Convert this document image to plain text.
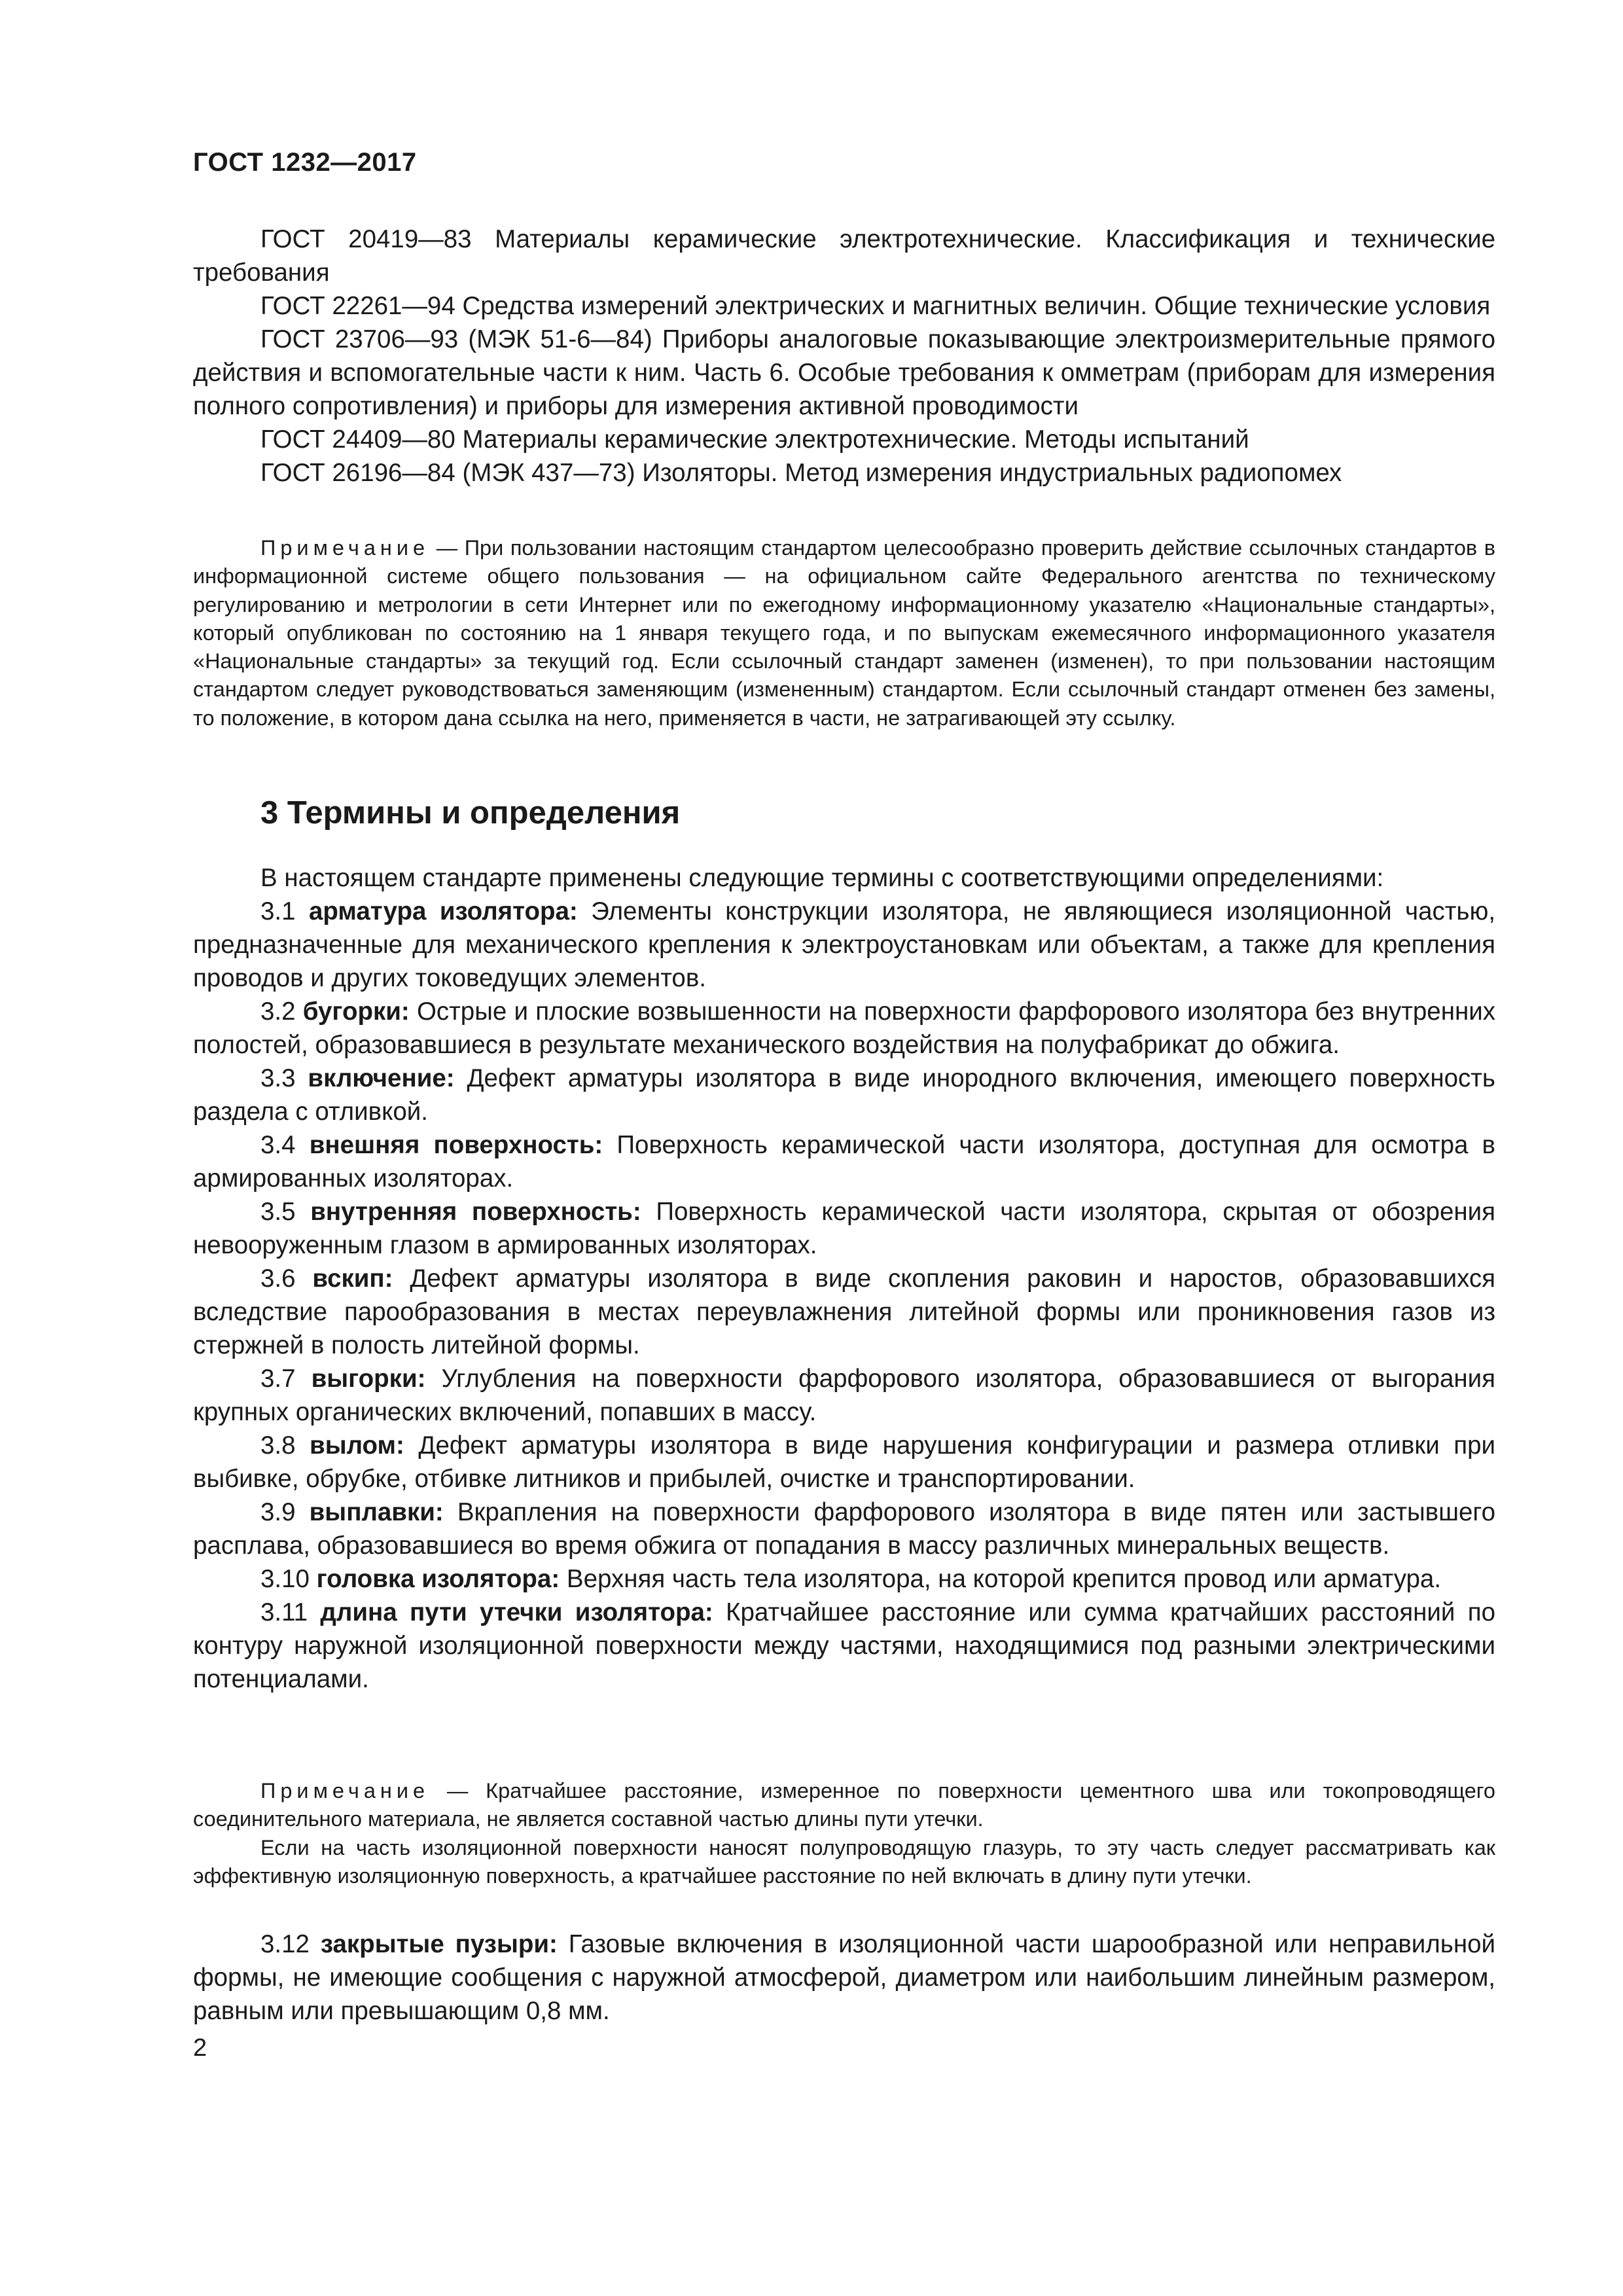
ГОСТ 1232—2017

ГОСТ 20419—83 Материалы керамические электротехнические. Классификация и технические требования

ГОСТ 22261—94 Средства измерений электрических и магнитных величин. Общие технические условия

ГОСТ 23706—93 (МЭК 51-6—84) Приборы аналоговые показывающие электроизмерительные прямого действия и вспомогательные части к ним. Часть 6. Особые требования к омметрам (приборам для измерения полного сопротивления) и приборы для измерения активной проводимости

ГОСТ 24409—80 Материалы керамические электротехнические. Методы испытаний

ГОСТ 26196—84 (МЭК 437—73) Изоляторы. Метод измерения индустриальных радиопомех

Примечание — При пользовании настоящим стандартом целесообразно проверить действие ссылочных стандартов в информационной системе общего пользования — на официальном сайте Федерального агентства по техническому регулированию и метрологии в сети Интернет или по ежегодному информационному указателю «Национальные стандарты», который опубликован по состоянию на 1 января текущего года, и по выпускам ежемесячного информационного указателя «Национальные стандарты» за текущий год. Если ссылочный стандарт заменен (изменен), то при пользовании настоящим стандартом следует руководствоваться заменяющим (измененным) стандартом. Если ссылочный стандарт отменен без замены, то положение, в котором дана ссылка на него, применяется в части, не затрагивающей эту ссылку.

3 Термины и определения

В настоящем стандарте применены следующие термины с соответствующими определениями:

3.1 арматура изолятора: Элементы конструкции изолятора, не являющиеся изоляционной частью, предназначенные для механического крепления к электроустановкам или объектам, а также для крепления проводов и других токоведущих элементов.

3.2 бугорки: Острые и плоские возвышенности на поверхности фарфорового изолятора без внутренних полостей, образовавшиеся в результате механического воздействия на полуфабрикат до обжига.

3.3 включение: Дефект арматуры изолятора в виде инородного включения, имеющего поверхность раздела с отливкой.

3.4 внешняя поверхность: Поверхность керамической части изолятора, доступная для осмотра в армированных изоляторах.

3.5 внутренняя поверхность: Поверхность керамической части изолятора, скрытая от обозрения невооруженным глазом в армированных изоляторах.

3.6 вскип: Дефект арматуры изолятора в виде скопления раковин и наростов, образовавшихся вследствие парообразования в местах переувлажнения литейной формы или проникновения газов из стержней в полость литейной формы.

3.7 выгорки: Углубления на поверхности фарфорового изолятора, образовавшиеся от выгорания крупных органических включений, попавших в массу.

3.8 вылом: Дефект арматуры изолятора в виде нарушения конфигурации и размера отливки при выбивке, обрубке, отбивке литников и прибылей, очистке и транспортировании.

3.9 выплавки: Вкрапления на поверхности фарфорового изолятора в виде пятен или застывшего расплава, образовавшиеся во время обжига от попадания в массу различных минеральных веществ.

3.10 головка изолятора: Верхняя часть тела изолятора, на которой крепится провод или арматура.

3.11 длина пути утечки изолятора: Кратчайшее расстояние или сумма кратчайших расстояний по контуру наружной изоляционной поверхности между частями, находящимися под разными электрическими потенциалами.

Примечание — Кратчайшее расстояние, измеренное по поверхности цементного шва или токопроводящего соединительного материала, не является составной частью длины пути утечки.

Если на часть изоляционной поверхности наносят полупроводящую глазурь, то эту часть следует рассматривать как эффективную изоляционную поверхность, а кратчайшее расстояние по ней включать в длину пути утечки.

3.12 закрытые пузыри: Газовые включения в изоляционной части шарообразной или неправильной формы, не имеющие сообщения с наружной атмосферой, диаметром или наибольшим линейным размером, равным или превышающим 0,8 мм.

2
